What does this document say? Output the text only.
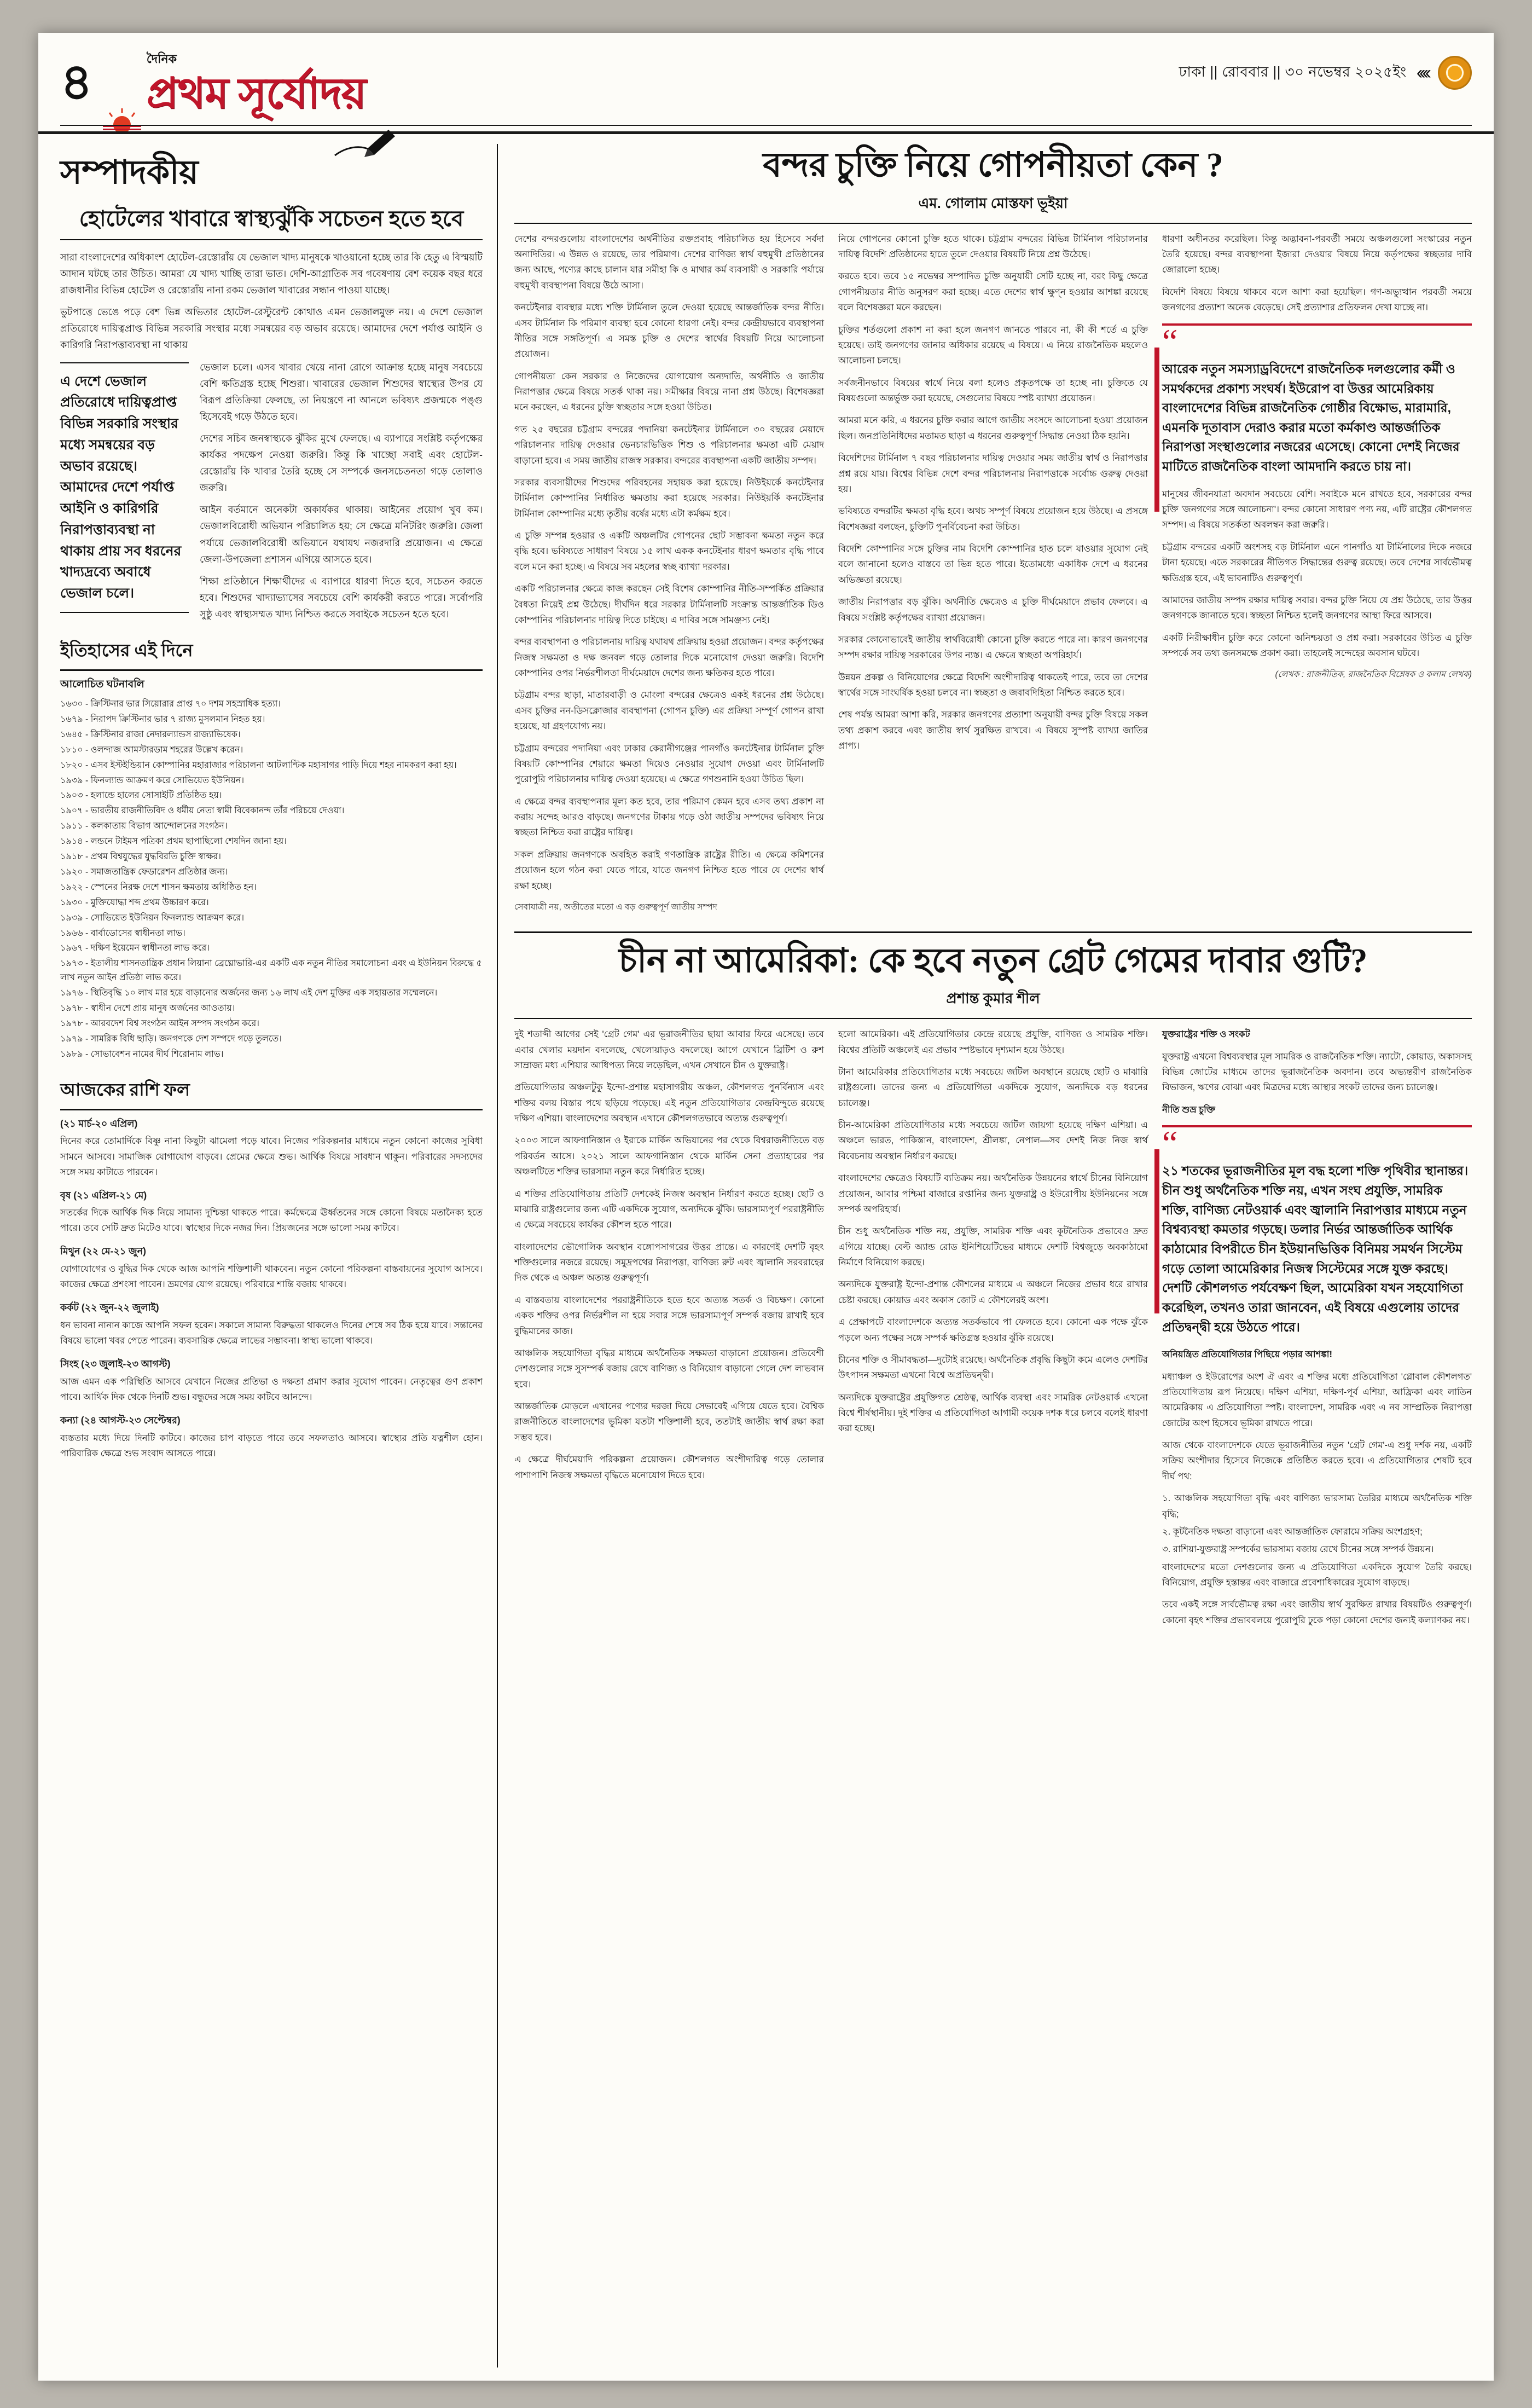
৪	দৈনিক
প্রথম সূর্যোদয়	ঢাকা || রোববার || ৩০ নভেম্বর ২০২৫ইং ‹‹‹‹
সম্পাদকীয়
হোটেলের খাবারে স্বাস্থ্যঝুঁকি সচেতন হতে হবে

সারা বাংলাদেশের অধিকাংশ হোটেল-রেস্তোরাঁয় যে ভেজাল খাদ্য মানুষকে খাওয়ানো হচ্ছে তার কি হেতু এ বিস্ময়টি আদান ঘটছে তার উচিত। আমরা যে খাদ্য খাচ্ছি তারা ভাত। দেশি-আগ্রাতিক সব গবেষণায় বেশ কয়েক বছর ধরে রাজধানীর বিভিন্ন হোটেল ও রেস্তোরাঁয় নানা রকম ভেজাল খাবারের সন্ধান পাওয়া যাচ্ছে।

ভুটপাত্তে ভেঙে পড়ে বেশ ভিন্ন অভিতার হোটেল-রেস্টুরেন্ট কোথাও এমন ভেজালমুক্ত নয়। এ দেশে ভেজাল প্রতিরোধে দায়িত্বপ্রাপ্ত বিভিন্ন সরকারি সংস্থার মধ্যে সমন্বয়ের বড় অভাব রয়েছে। আমাদের দেশে পর্যাপ্ত আইনি ও কারিগরি নিরাপত্তাব্যবস্থা না থাকায়

এ দেশে ভেজাল প্রতিরোধে দায়িত্বপ্রাপ্ত বিভিন্ন সরকারি সংস্থার মধ্যে সমন্বয়ের বড় অভাব রয়েছে। আমাদের দেশে পর্যাপ্ত আইনি ও কারিগরি নিরাপত্তাব্যবস্থা না থাকায় প্রায় সব ধরনের খাদ্যদ্রব্যে অবাধে ভেজাল চলে।

ভেজাল চলে। এসব খাবার খেয়ে নানা রোগে আক্রান্ত হচ্ছে মানুষ সবচেয়ে বেশি ক্ষতিগ্রস্ত হচ্ছে শিশুরা। খাবারের ভেজাল শিশুদের স্বাস্থ্যের উপর যে বিরূপ প্রতিক্রিয়া ফেলছে, তা নিয়ন্ত্রণে না আনলে ভবিষ্যৎ প্রজন্মকে পঙ্গু হিসেবেই গড়ে উঠতে হবে।

দেশের সচিব জনস্বাস্থ্যকে ঝুঁকির মুখে ফেলছে। এ ব্যাপারে সংশ্লিষ্ট কর্তৃপক্ষের কার্যকর পদক্ষেপ নেওয়া জরুরি। কিন্তু কি খাচ্ছো সবাই এবং হোটেল-রেস্তোরাঁয় কি খাবার তৈরি হচ্ছে সে সম্পর্কে জনসচেতনতা গড়ে তোলাও জরুরি।

আইন বর্তমানে অনেকটা অকার্যকর থাকায়। আইনের প্রয়োগ খুব কম। ভেজালবিরোধী অভিযান পরিচালিত হয়; সে ক্ষেত্রে মনিটরিং জরুরি। জেলা পর্যায়ে ভেজালবিরোধী অভিযানে যথাযথ নজরদারি প্রয়োজন। এ ক্ষেত্রে জেলা-উপজেলা প্রশাসন এগিয়ে আসতে হবে।

শিক্ষা প্রতিষ্ঠানে শিক্ষার্থীদের এ ব্যাপারে ধারণা দিতে হবে, সচেতন করতে হবে। শিশুদের খাদ্যাভ্যাসের সবচেয়ে বেশি কার্যকরী করতে পারে। সর্বোপরি সুষ্ঠু এবং স্বাস্থ্যসম্মত খাদ্য নিশ্চিত করতে সবাইকে সচেতন হতে হবে।

ইতিহাসের এই দিনে
আলোচিত ঘটনাবলি
১৬৩০ - ক্রিস্টিনার ভার সিয়োরার প্রাপ্ত ৭০ দশম সহস্রাধিক হত্যা।
১৬৭৯ - নিরাপদ ক্রিস্টিনার ভার ৭ রাজ্য মুসলমান নিহত হয়।
১৬৪৫ - ক্রিস্টিনার রাজা নেদারল্যান্ডস রাজ্যাভিষেক।
১৮১০ - ওলন্দাজ আমস্টারডাম শহরের উল্লেখ করেন।
১৮২০ - এসব ইস্টইন্ডিয়ান কোম্পানির মহারাজার পরিচালনা আটলান্টিক মহাসাগর পাড়ি দিয়ে শহর নামকরণ করা হয়।
১৯৩৯ - ফিনল্যান্ড আক্রমণ করে সোভিয়েত ইউনিয়ন।
১৯০৩ - হলান্ডে হালের সোসাইটি প্রতিষ্ঠিত হয়।
১৯০৭ - ভারতীয় রাজনীতিবিদ ও ধর্মীয় নেতা স্বামী বিবেকানন্দ তাঁর পরিচয়ে দেওয়া।
১৯১১ - কলকাতায় বিভাগ আন্দোলনের সংগঠন।
১৯১৪ - লন্ডনে টাইমস পত্রিকা প্রথম ছাপাছিলো শেষদিন জানা হয়।
১৯১৮ - প্রথম বিশ্বযুদ্ধের যুদ্ধবিরতি চুক্তি স্বাক্ষর।
১৯২০ - সমাজতান্ত্রিক ফেডারেশন প্রতিষ্ঠার জন্য।
১৯২২ - স্পেনের নিরক্ষ দেশে শাসন ক্ষমতায় অধিষ্ঠিত হন।
১৯৩০ - মুক্তিযোদ্ধা শব্দ প্রথম উচ্চারণ করে।
১৯৩৯ - সোভিয়েত ইউনিয়ন ফিনল্যান্ড আক্রমণ করে।
১৯৬৬ - বার্বাডোসের স্বাধীনতা লাভ।
১৯৬৭ - দক্ষিণ ইয়েমেন স্বাধীনতা লাভ করে।
১৯৭৩ - ইতালীয় শাসনতান্ত্রিক প্রধান লিয়ানা ব্রেঘ্নোভারি-এর একটি এক নতুন নীতির সমালোচনা এবং এ ইউনিয়ন বিরুদ্ধে ৫ লাখ নতুন আইন প্রতিষ্ঠা লাভ করে।
১৯৭৬ - স্থিতিবৃদ্ধি ১০ লাখ মার হয়ে বাড়ানোর অর্জনের জন্য ১৬ লাখ এই দেশ মুক্তির এক সহায়তার সম্মেলনে।
১৯৭৮ - স্বাধীন দেশে প্রায় মানুষ অর্জনের আওতায়।
১৯৭৮ - আরবদেশ বিশ্ব সংগঠন আইন সম্পদ সংগঠন করে।
১৯৭৯ - সামরিক বিধি ছাড়ি। জনগণকে দেশ সম্পদে গড়ে তুলতে।
১৯৮৯ - সোভাবেশন নামের দীর্ঘ শিরোনাম লাভ।
আজকের রাশি ফল
(২১ মার্চ-২০ এপ্রিল)
দিনের করে তোমার্দিকে বিষ্ণু নানা কিছুটা ঝামেলা পড়ে যাবে। নিজের পরিকল্পনার মাধ্যমে নতুন কোনো কাজের সুবিধা সামনে আসবে। সামাজিক যোগাযোগ বাড়বে। প্রেমের ক্ষেত্রে শুভ। আর্থিক বিষয়ে সাবধান থাকুন। পরিবারের সদস্যদের সঙ্গে সময় কাটাতে পারবেন।
বৃষ (২১ এপ্রিল-২১ মে)
সতর্কের দিকে আর্থিক দিক নিয়ে সামান্য দুশ্চিন্তা থাকতে পারে। কর্মক্ষেত্রে ঊর্ধ্বতনের সঙ্গে কোনো বিষয়ে মতানৈক্য হতে পারে। তবে সেটি দ্রুত মিটেও যাবে। স্বাস্থ্যের দিকে নজর দিন। প্রিয়জনের সঙ্গে ভালো সময় কাটবে।
মিথুন (২২ মে-২১ জুন)
যোগাযোগের ও বুদ্ধির দিক থেকে আজ আপনি শক্তিশালী থাকবেন। নতুন কোনো পরিকল্পনা বাস্তবায়নের সুযোগ আসবে। কাজের ক্ষেত্রে প্রশংসা পাবেন। ভ্রমণের যোগ রয়েছে। পরিবারে শান্তি বজায় থাকবে।
কর্কট (২২ জুন-২২ জুলাই)
ধন ভাবনা নানান কাজে আপনি সফল হবেন। সকালে সামান্য বিরুদ্ধতা থাকলেও দিনের শেষে সব ঠিক হয়ে যাবে। সন্তানের বিষয়ে ভালো খবর পেতে পারেন। ব্যবসায়িক ক্ষেত্রে লাভের সম্ভাবনা। স্বাস্থ্য ভালো থাকবে।
সিংহ (২৩ জুলাই-২৩ আগস্ট)
আজ এমন এক পরিস্থিতি আসবে যেখানে নিজের প্রতিভা ও দক্ষতা প্রমাণ করার সুযোগ পাবেন। নেতৃত্বের গুণ প্রকাশ পাবে। আর্থিক দিক থেকে দিনটি শুভ। বন্ধুদের সঙ্গে সময় কাটবে আনন্দে।
কন্যা (২৪ আগস্ট-২৩ সেপ্টেম্বর)
ব্যস্ততার মধ্যে দিয়ে দিনটি কাটবে। কাজের চাপ বাড়তে পারে তবে সফলতাও আসবে। স্বাস্থ্যের প্রতি যত্নশীল হোন। পারিবারিক ক্ষেত্রে শুভ সংবাদ আসতে পারে।
বন্দর চুক্তি নিয়ে গোপনীয়তা কেন ?
এম. গোলাম মোস্তফা ভূইয়া

দেশের বন্দরগুলোয় বাংলাদেশের অর্থনীতির রক্তপ্রবাহ পরিচালিত হয় হিসেবে সর্বদা অনাদিতির। এ উন্নত ও রয়েছে, তার পরিমাণ। দেশের বাণিজ্য স্বার্থ বহুমুখী প্রতিষ্ঠানের জন্য আছে, পণ্যের কাছে চালান যার সমীহা কি ও মাথার কর্ম ব্যবসায়ী ও সরকারি পর্যায়ে বহুমুখী ব্যবস্থাপনা বিষয়ে উঠে আসা।

কনটেইনার ব্যবস্থার মধ্যে শক্তি টার্মিনাল তুলে দেওয়া হয়েছে আন্তর্জাতিক বন্দর নীতি। এসব টার্মিনাল কি পরিমাণ ব্যবস্থা হবে কোনো ধারণা নেই। বন্দর কেন্দ্রীয়ভাবে ব্যবস্থাপনা নীতির সঙ্গে সঙ্গতিপূর্ণ। এ সমস্ত চুক্তি ও দেশের স্বার্থের বিষয়টি নিয়ে আলোচনা প্রয়োজন।

গোপনীয়তা কেন সরকার ও নিজেদের যোগাযোগ অন্যদাতি, অর্থনীতি ও জাতীয় নিরাপত্তার ক্ষেত্রে বিষয়ে সতর্ক থাকা নয়। সমীক্ষার বিষয়ে নানা প্রশ্ন উঠছে। বিশেষজ্ঞরা মনে করছেন, এ ধরনের চুক্তি স্বচ্ছতার সঙ্গে হওয়া উচিত।

গত ২৫ বছরের চট্টগ্রাম বন্দরের পদানিয়া কনটেইনার টার্মিনালে ৩০ বছরের মেয়াদে পরিচালনার দায়িত্ব দেওয়ার ভেনচারভিত্তিক শিশু ও পরিচালনার ক্ষমতা এটি মেয়াদ বাড়ানো হবে। এ সময় জাতীয় রাজস্ব সরকার। বন্দরের ব্যবস্থাপনা একটি জাতীয় সম্পদ।

সরকার ব্যবসায়ীদের শিশুদের পরিবহনের সহায়ক করা হয়েছে। নিউইয়র্কে কনটেইনার টার্মিনাল কোম্পানির নির্ধারিত ক্ষমতায় করা হয়েছে সরকার। নিউইয়র্কি কনটেইনার টার্মিনাল কোম্পানির মধ্যে তৃতীয় বর্ষের মধ্যে এটা কর্মক্ষম হবে।

এ চুক্তি সম্পন্ন হওয়ার ও একটি অঞ্চলটির গোপনের ছোট সম্ভাবনা ক্ষমতা নতুন করে বৃদ্ধি হবে। ভবিষ্যতে সাধারণ বিষয়ে ১৫ লাখ একক কনটেইনার ধারণ ক্ষমতার বৃদ্ধি পাবে বলে মনে করা হচ্ছে। এ বিষয়ে সব মহলের স্বচ্ছ ব্যাখ্যা দরকার।

একটি পরিচালনার ক্ষেত্রে কাজ করছেন সেই বিশেষ কোম্পানির নীতি-সম্পর্কিত প্রক্রিয়ার বৈধতা নিয়েই প্রশ্ন উঠেছে। দীর্ঘদিন ধরে সরকার টার্মিনালটি সংক্রান্ত আন্তর্জাতিক ডিও কোম্পানির পরিচালনার দায়িত্ব দিতে চাইছে। এ দাবির সঙ্গে সামঞ্জস্য নেই।

বন্দর ব্যবস্থাপনা ও পরিচালনায় দায়িত্ব যথাযথ প্রক্রিয়ায় হওয়া প্রয়োজন। বন্দর কর্তৃপক্ষের নিজস্ব সক্ষমতা ও দক্ষ জনবল গড়ে তোলার দিকে মনোযোগ দেওয়া জরুরি। বিদেশি কোম্পানির ওপর নির্ভরশীলতা দীর্ঘমেয়াদে দেশের জন্য ক্ষতিকর হতে পারে।

চট্টগ্রাম বন্দর ছাড়া, মাতারবাড়ী ও মোংলা বন্দরের ক্ষেত্রেও একই ধরনের প্রশ্ন উঠেছে। এসব চুক্তির নন-ডিসক্লোজার ব্যবস্থাপনা (গোপন চুক্তি) এর প্রক্রিয়া সম্পূর্ণ গোপন রাখা হয়েছে, যা গ্রহণযোগ্য নয়।

চট্টগ্রাম বন্দরের পদানিয়া এবং ঢাকার কেরানীগঞ্জের পানগাঁও কনটেইনার টার্মিনাল চুক্তি বিষয়টি কোম্পানির শেয়ারে ক্ষমতা দিয়েও নেওয়ার সুযোগ দেওয়া এবং টার্মিনালটি পুরোপুরি পরিচালনার দায়িত্ব দেওয়া হয়েছে। এ ক্ষেত্রে গণশুনানি হওয়া উচিত ছিল।

এ ক্ষেত্রে বন্দর ব্যবস্থাপনার মূল্য কত হবে, তার পরিমাণ কেমন হবে এসব তথ্য প্রকাশ না করায় সন্দেহ আরও বাড়ছে। জনগণের টাকায় গড়ে ওঠা জাতীয় সম্পদের ভবিষ্যৎ নিয়ে স্বচ্ছতা নিশ্চিত করা রাষ্ট্রের দায়িত্ব।

সকল প্রক্রিয়ায় জনগণকে অবহিত করাই গণতান্ত্রিক রাষ্ট্রের রীতি। এ ক্ষেত্রে কমিশনের প্রয়োজন হলে গঠন করা যেতে পারে, যাতে জনগণ নিশ্চিত হতে পারে যে দেশের স্বার্থ রক্ষা হচ্ছে।

সেবাযাত্রী নয়, অতীতের মতো এ বড় গুরুত্বপূর্ণ জাতীয় সম্পদ

নিয়ে গোপনের কোনো চুক্তি হতে থাকে। চট্টগ্রাম বন্দরের বিভিন্ন টার্মিনাল পরিচালনার দায়িত্ব বিদেশি প্রতিষ্ঠানের হাতে তুলে দেওয়ার বিষয়টি নিয়ে প্রশ্ন উঠেছে।

করতে হবে। তবে ১৫ নভেম্বর সম্পাদিত চুক্তি অনুযায়ী সেটি হচ্ছে না, বরং কিছু ক্ষেত্রে গোপনীয়তার নীতি অনুসরণ করা হচ্ছে। এতে দেশের স্বার্থ ক্ষুণ্ন হওয়ার আশঙ্কা রয়েছে বলে বিশেষজ্ঞরা মনে করছেন।

চুক্তির শর্তগুলো প্রকাশ না করা হলে জনগণ জানতে পারবে না, কী কী শর্তে এ চুক্তি হয়েছে। তাই জনগণের জানার অধিকার রয়েছে এ বিষয়ে। এ নিয়ে রাজনৈতিক মহলেও আলোচনা চলছে।

সর্বজনীনভাবে বিষয়ের স্বার্থে নিয়ে বলা হলেও প্রকৃতপক্ষে তা হচ্ছে না। চুক্তিতে যে বিষয়গুলো অন্তর্ভুক্ত করা হয়েছে, সেগুলোর বিষয়ে স্পষ্ট ব্যাখ্যা প্রয়োজন।

আমরা মনে করি, এ ধরনের চুক্তি করার আগে জাতীয় সংসদে আলোচনা হওয়া প্রয়োজন ছিল। জনপ্রতিনিধিদের মতামত ছাড়া এ ধরনের গুরুত্বপূর্ণ সিদ্ধান্ত নেওয়া ঠিক হয়নি।

বিদেশিদের টার্মিনাল ৭ বছর পরিচালনার দায়িত্ব দেওয়ার সময় জাতীয় স্বার্থ ও নিরাপত্তার প্রশ্ন রয়ে যায়। বিশ্বের বিভিন্ন দেশে বন্দর পরিচালনায় নিরাপত্তাকে সর্বোচ্চ গুরুত্ব দেওয়া হয়।

ভবিষ্যতে বন্দরটির ক্ষমতা বৃদ্ধি হবে। অথচ সম্পূর্ণ বিষয়ে প্রয়োজন হয়ে উঠছে। এ প্রসঙ্গে বিশেষজ্ঞরা বলছেন, চুক্তিটি পুনর্বিবেচনা করা উচিত।

বিদেশি কোম্পানির সঙ্গে চুক্তির নাম বিদেশি কোম্পানির হাত চলে যাওয়ার সুযোগ নেই বলে জানানো হলেও বাস্তবে তা ভিন্ন হতে পারে। ইতোমধ্যে একাধিক দেশে এ ধরনের অভিজ্ঞতা রয়েছে।

জাতীয় নিরাপত্তার বড় ঝুঁকি। অর্থনীতি ক্ষেত্রেও এ চুক্তি দীর্ঘমেয়াদে প্রভাব ফেলবে। এ বিষয়ে সংশ্লিষ্ট কর্তৃপক্ষের ব্যাখ্যা প্রয়োজন।

সরকার কোনোভাবেই জাতীয় স্বার্থবিরোধী কোনো চুক্তি করতে পারে না। কারণ জনগণের সম্পদ রক্ষার দায়িত্ব সরকারের উপর ন্যস্ত। এ ক্ষেত্রে স্বচ্ছতা অপরিহার্য।

উন্নয়ন প্রকল্প ও বিনিয়োগের ক্ষেত্রে বিদেশি অংশীদারিত্ব থাকতেই পারে, তবে তা দেশের স্বার্থের সঙ্গে সাংঘর্ষিক হওয়া চলবে না। স্বচ্ছতা ও জবাবদিহিতা নিশ্চিত করতে হবে।

শেষ পর্যন্ত আমরা আশা করি, সরকার জনগণের প্রত্যাশা অনুযায়ী বন্দর চুক্তি বিষয়ে সকল তথ্য প্রকাশ করবে এবং জাতীয় স্বার্থ সুরক্ষিত রাখবে। এ বিষয়ে সুস্পষ্ট ব্যাখ্যা জাতির প্রাপ্য।

ধারণা অধীনতর করেছিল। কিন্তু অদ্ভাবনা-পরবর্তী সময়ে অঞ্চলগুলো সংস্কারের নতুন তৈরি হয়েছে। বন্দর ব্যবস্থাপনা ইজারা দেওয়ার বিষয়ে নিয়ে কর্তৃপক্ষের স্বচ্ছতার দাবি জোরালো হচ্ছে।

বিদেশি বিষয়ে বিষয়ে থাকবে বলে আশা করা হয়েছিল। গণ-অভ্যুত্থান পরবর্তী সময়ে জনগণের প্রত্যাশা অনেক বেড়েছে। সেই প্রত্যাশার প্রতিফলন দেখা যাচ্ছে না।

“
আরেক নতুন সমস্যাড্রবিদেশে রাজনৈতিক দলগুলোর কর্মী ও সমর্থকদের প্রকাশ্য সংঘর্ষ। ইউরোপ বা উত্তর আমেরিকায় বাংলাদেশের বিভিন্ন রাজনৈতিক গোষ্ঠীর বিক্ষোভ, মারামারি, এমনকি দূতাবাস দেরাও করার মতো কর্মকাণ্ড আন্তর্জাতিক নিরাপত্তা সংস্থাগুলোর নজরের এসেছে। কোনো দেশই নিজের মাটিতে রাজনৈতিক বাংলা আমদানি করতে চায় না।

মানুষের জীবনযাত্রা অবদান সবচেয়ে বেশি। সবাইকে মনে রাখতে হবে, সরকারের বন্দর চুক্তি 'জনগণের সঙ্গে আলোচনা'। বন্দর কোনো সাধারণ পণ্য নয়, এটি রাষ্ট্রের কৌশলগত সম্পদ। এ বিষয়ে সতর্কতা অবলম্বন করা জরুরি।

চট্টগ্রাম বন্দরের একটি অংশসহ বড় টার্মিনাল এনে পানগাঁও যা টার্মিনালের দিকে নজরে টানা হয়েছে। এতে সরকারের নীতিগত সিদ্ধান্তের গুরুত্ব রয়েছে। তবে দেশের সার্বভৌমত্ব ক্ষতিগ্রস্ত হবে, এই ভাবনাটিও গুরুত্বপূর্ণ।

আমাদের জাতীয় সম্পদ রক্ষার দায়িত্ব সবার। বন্দর চুক্তি নিয়ে যে প্রশ্ন উঠেছে, তার উত্তর জনগণকে জানাতে হবে। স্বচ্ছতা নিশ্চিত হলেই জনগণের আস্থা ফিরে আসবে।

একটি নিরীক্ষাধীন চুক্তি করে কোনো অনিশ্চয়তা ও প্রশ্ন করা। সরকারের উচিত এ চুক্তি সম্পর্কে সব তথ্য জনসমক্ষে প্রকাশ করা। তাহলেই সন্দেহের অবসান ঘটবে।

(লেখক : রাজনীতিক, রাজনৈতিক বিশ্লেষক ও কলাম লেখক)

চীন না আমেরিকা: কে হবে নতুন গ্রেট গেমের দাবার গুটি?
প্রশান্ত কুমার শীল

দুই শতাব্দী আগের সেই 'গ্রেট গেম' এর ভূরাজনীতির ছায়া আবার ফিরে এসেছে। তবে এবার খেলার ময়দান বদলেছে, খেলোয়াড়ও বদলেছে। আগে যেখানে ব্রিটিশ ও রুশ সাম্রাজ্য মধ্য এশিয়ার আধিপত্য নিয়ে লড়েছিল, এখন সেখানে চীন ও যুক্তরাষ্ট্র।

প্রতিযোগিতার অঞ্চলটুকু ইন্দো-প্রশান্ত মহাসাগরীয় অঞ্চল, কৌশলগত পুনর্বিন্যাস এবং শক্তির বলয় বিস্তার পথে ছড়িয়ে পড়েছে। এই নতুন প্রতিযোগিতার কেন্দ্রবিন্দুতে রয়েছে দক্ষিণ এশিয়া। বাংলাদেশের অবস্থান এখানে কৌশলগতভাবে অত্যন্ত গুরুত্বপূর্ণ।

২০০৩ সালে আফগানিস্তান ও ইরাকে মার্কিন অভিযানের পর থেকে বিশ্বরাজনীতিতে বড় পরিবর্তন আসে। ২০২১ সালে আফগানিস্তান থেকে মার্কিন সেনা প্রত্যাহারের পর অঞ্চলটিতে শক্তির ভারসাম্য নতুন করে নির্ধারিত হচ্ছে।

এ শক্তির প্রতিযোগিতায় প্রতিটি দেশকেই নিজস্ব অবস্থান নির্ধারণ করতে হচ্ছে। ছোট ও মাঝারি রাষ্ট্রগুলোর জন্য এটি একদিকে সুযোগ, অন্যদিকে ঝুঁকি। ভারসাম্যপূর্ণ পররাষ্ট্রনীতি এ ক্ষেত্রে সবচেয়ে কার্যকর কৌশল হতে পারে।

বাংলাদেশের ভৌগোলিক অবস্থান বঙ্গোপসাগরের উত্তর প্রান্তে। এ কারণেই দেশটি বৃহৎ শক্তিগুলোর নজরে রয়েছে। সমুদ্রপথের নিরাপত্তা, বাণিজ্য রুট এবং জ্বালানি সরবরাহের দিক থেকে এ অঞ্চল অত্যন্ত গুরুত্বপূর্ণ।

এ বাস্তবতায় বাংলাদেশের পররাষ্ট্রনীতিকে হতে হবে অত্যন্ত সতর্ক ও বিচক্ষণ। কোনো একক শক্তির ওপর নির্ভরশীল না হয়ে সবার সঙ্গে ভারসাম্যপূর্ণ সম্পর্ক বজায় রাখাই হবে বুদ্ধিমানের কাজ।

আঞ্চলিক সহযোগিতা বৃদ্ধির মাধ্যমে অর্থনৈতিক সক্ষমতা বাড়ানো প্রয়োজন। প্রতিবেশী দেশগুলোর সঙ্গে সুসম্পর্ক বজায় রেখে বাণিজ্য ও বিনিয়োগ বাড়ানো গেলে দেশ লাভবান হবে।

আন্তর্জাতিক মোড়লে এখানের পণ্যের দরজা দিয়ে সেভাবেই এগিয়ে যেতে হবে। বৈশ্বিক রাজনীতিতে বাংলাদেশের ভূমিকা যতটা শক্তিশালী হবে, ততটাই জাতীয় স্বার্থ রক্ষা করা সম্ভব হবে।

এ ক্ষেত্রে দীর্ঘমেয়াদি পরিকল্পনা প্রয়োজন। কৌশলগত অংশীদারিত্ব গড়ে তোলার পাশাপাশি নিজস্ব সক্ষমতা বৃদ্ধিতে মনোযোগ দিতে হবে।

হলো আমেরিকা। এই প্রতিযোগিতার কেন্দ্রে রয়েছে প্রযুক্তি, বাণিজ্য ও সামরিক শক্তি। বিশ্বের প্রতিটি অঞ্চলেই এর প্রভাব স্পষ্টভাবে দৃশ্যমান হয়ে উঠছে।

টানা আমেরিকার প্রতিযোগিতার মধ্যে সবচেয়ে জটিল অবস্থানে রয়েছে ছোট ও মাঝারি রাষ্ট্রগুলো। তাদের জন্য এ প্রতিযোগিতা একদিকে সুযোগ, অন্যদিকে বড় ধরনের চ্যালেঞ্জ।

চীন-আমেরিকা প্রতিযোগিতার মধ্যে সবচেয়ে জটিল জায়গা হয়েছে দক্ষিণ এশিয়া। এ অঞ্চলে ভারত, পাকিস্তান, বাংলাদেশ, শ্রীলঙ্কা, নেপাল—সব দেশই নিজ নিজ স্বার্থ বিবেচনায় অবস্থান নির্ধারণ করছে।

বাংলাদেশের ক্ষেত্রেও বিষয়টি ব্যতিক্রম নয়। অর্থনৈতিক উন্নয়নের স্বার্থে চীনের বিনিয়োগ প্রয়োজন, আবার পশ্চিমা বাজারে রপ্তানির জন্য যুক্তরাষ্ট্র ও ইউরোপীয় ইউনিয়নের সঙ্গে সম্পর্ক অপরিহার্য।

চীন শুধু অর্থনৈতিক শক্তি নয়, প্রযুক্তি, সামরিক শক্তি এবং কূটনৈতিক প্রভাবেও দ্রুত এগিয়ে যাচ্ছে। বেল্ট অ্যান্ড রোড ইনিশিয়েটিভের মাধ্যমে দেশটি বিশ্বজুড়ে অবকাঠামো নির্মাণে বিনিয়োগ করছে।

অন্যদিকে যুক্তরাষ্ট্র ইন্দো-প্রশান্ত কৌশলের মাধ্যমে এ অঞ্চলে নিজের প্রভাব ধরে রাখার চেষ্টা করছে। কোয়াড এবং অকাস জোট এ কৌশলেরই অংশ।

এ প্রেক্ষাপটে বাংলাদেশকে অত্যন্ত সতর্কভাবে পা ফেলতে হবে। কোনো এক পক্ষে ঝুঁকে পড়লে অন্য পক্ষের সঙ্গে সম্পর্ক ক্ষতিগ্রস্ত হওয়ার ঝুঁকি রয়েছে।

চীনের শক্তি ও সীমাবদ্ধতা—দুটোই রয়েছে। অর্থনৈতিক প্রবৃদ্ধি কিছুটা কমে এলেও দেশটির উৎপাদন সক্ষমতা এখনো বিশ্বে অপ্রতিদ্বন্দ্বী।

অন্যদিকে যুক্তরাষ্ট্রের প্রযুক্তিগত শ্রেষ্ঠত্ব, আর্থিক ব্যবস্থা এবং সামরিক নেটওয়ার্ক এখনো বিশ্বে শীর্ষস্থানীয়। দুই শক্তির এ প্রতিযোগিতা আগামী কয়েক দশক ধরে চলবে বলেই ধারণা করা হচ্ছে।

যুক্তরাষ্ট্রের শক্তি ও সংকট

যুক্তরাষ্ট্র এখনো বিশ্বব্যবস্থার মূল সামরিক ও রাজনৈতিক শক্তি। ন্যাটো, কোয়াড, অকাসসহ বিভিন্ন জোটের মাধ্যমে তাদের ভূরাজনৈতিক অবদান। তবে অভ্যন্তরীণ রাজনৈতিক বিভাজন, ঋণের বোঝা এবং মিত্রদের মধ্যে আস্থার সংকট তাদের জন্য চ্যালেঞ্জ।

নীতি শুভ্র চুক্তি

“
২১ শতকের ভূরাজনীতির মূল বদ্ধ হলো শক্তি পৃথিবীর স্থানান্তর। চীন শুধু অর্থনৈতিক শক্তি নয়, এখন সংঘ প্রযুক্তি, সামরিক শক্তি, বাণিজ্য নেটওয়ার্ক এবং জ্বালানি নিরাপত্তার মাধ্যমে নতুন বিশ্বব্যবস্থা কমতার গড়ছে। ডলার নির্ভর আন্তর্জাতিক আর্থিক কাঠামোর বিপরীতে চীন ইউয়ানভিত্তিক বিনিময় সমর্থন সিস্টেম গড়ে তোলা আমেরিকার নিজস্ব সিস্টেমের সঙ্গে যুক্ত করছে। দেশটি কৌশলগত পর্যবেক্ষণ ছিল, আমেরিকা যখন সহযোগিতা করেছিল, তখনও তারা জানবেন, এই বিষয়ে এগুলোয় তাদের প্রতিদ্বন্দ্বী হয়ে উঠতে পারে।

অনিয়ন্ত্রিত প্রতিযোগিতার পিছিয়ে পড়ার আশঙ্কা!

মধ্যাঞ্চল ও ইউরোপের অংশ ঐ এবং এ শক্তির মধ্যে প্রতিযোগিতা 'গ্লোবাল কৌশলগত' প্রতিযোগিতায় রূপ নিয়েছে। দক্ষিণ এশিয়া, দক্ষিণ-পূর্ব এশিয়া, আফ্রিকা এবং লাতিন আমেরিকায় এ প্রতিযোগিতা স্পষ্ট। বাংলাদেশ, সামরিক এবং এ নব সাম্প্রতিক নিরাপত্তা জোটের অংশ হিসেবে ভূমিকা রাখতে পারে।

আজ থেকে বাংলাদেশকে যেতে ভূরাজনীতির নতুন 'গ্রেট গেম'-এ শুধু দর্শক নয়, একটি সক্রিয় অংশীদার হিসেবে নিজেকে প্রতিষ্ঠিত করতে হবে। এ প্রতিযোগিতার শেষটি হবে দীর্ঘ পথ:

১. আঞ্চলিক সহযোগিতা বৃদ্ধি এবং বাণিজ্য ভারসাম্য তৈরির মাধ্যমে অর্থনৈতিক শক্তি বৃদ্ধি;

২. কূটনৈতিক দক্ষতা বাড়ানো এবং আন্তর্জাতিক ফোরামে সক্রিয় অংশগ্রহণ;

৩. রাশিয়া-যুক্তরাষ্ট্র সম্পর্কের ভারসাম্য বজায় রেখে চীনের সঙ্গে সম্পর্ক উন্নয়ন।

বাংলাদেশের মতো দেশগুলোর জন্য এ প্রতিযোগিতা একদিকে সুযোগ তৈরি করছে। বিনিয়োগ, প্রযুক্তি হস্তান্তর এবং বাজারে প্রবেশাধিকারের সুযোগ বাড়ছে।

তবে একই সঙ্গে সার্বভৌমত্ব রক্ষা এবং জাতীয় স্বার্থ সুরক্ষিত রাখার বিষয়টিও গুরুত্বপূর্ণ। কোনো বৃহৎ শক্তির প্রভাববলয়ে পুরোপুরি ঢুকে পড়া কোনো দেশের জন্যই কল্যাণকর নয়।
